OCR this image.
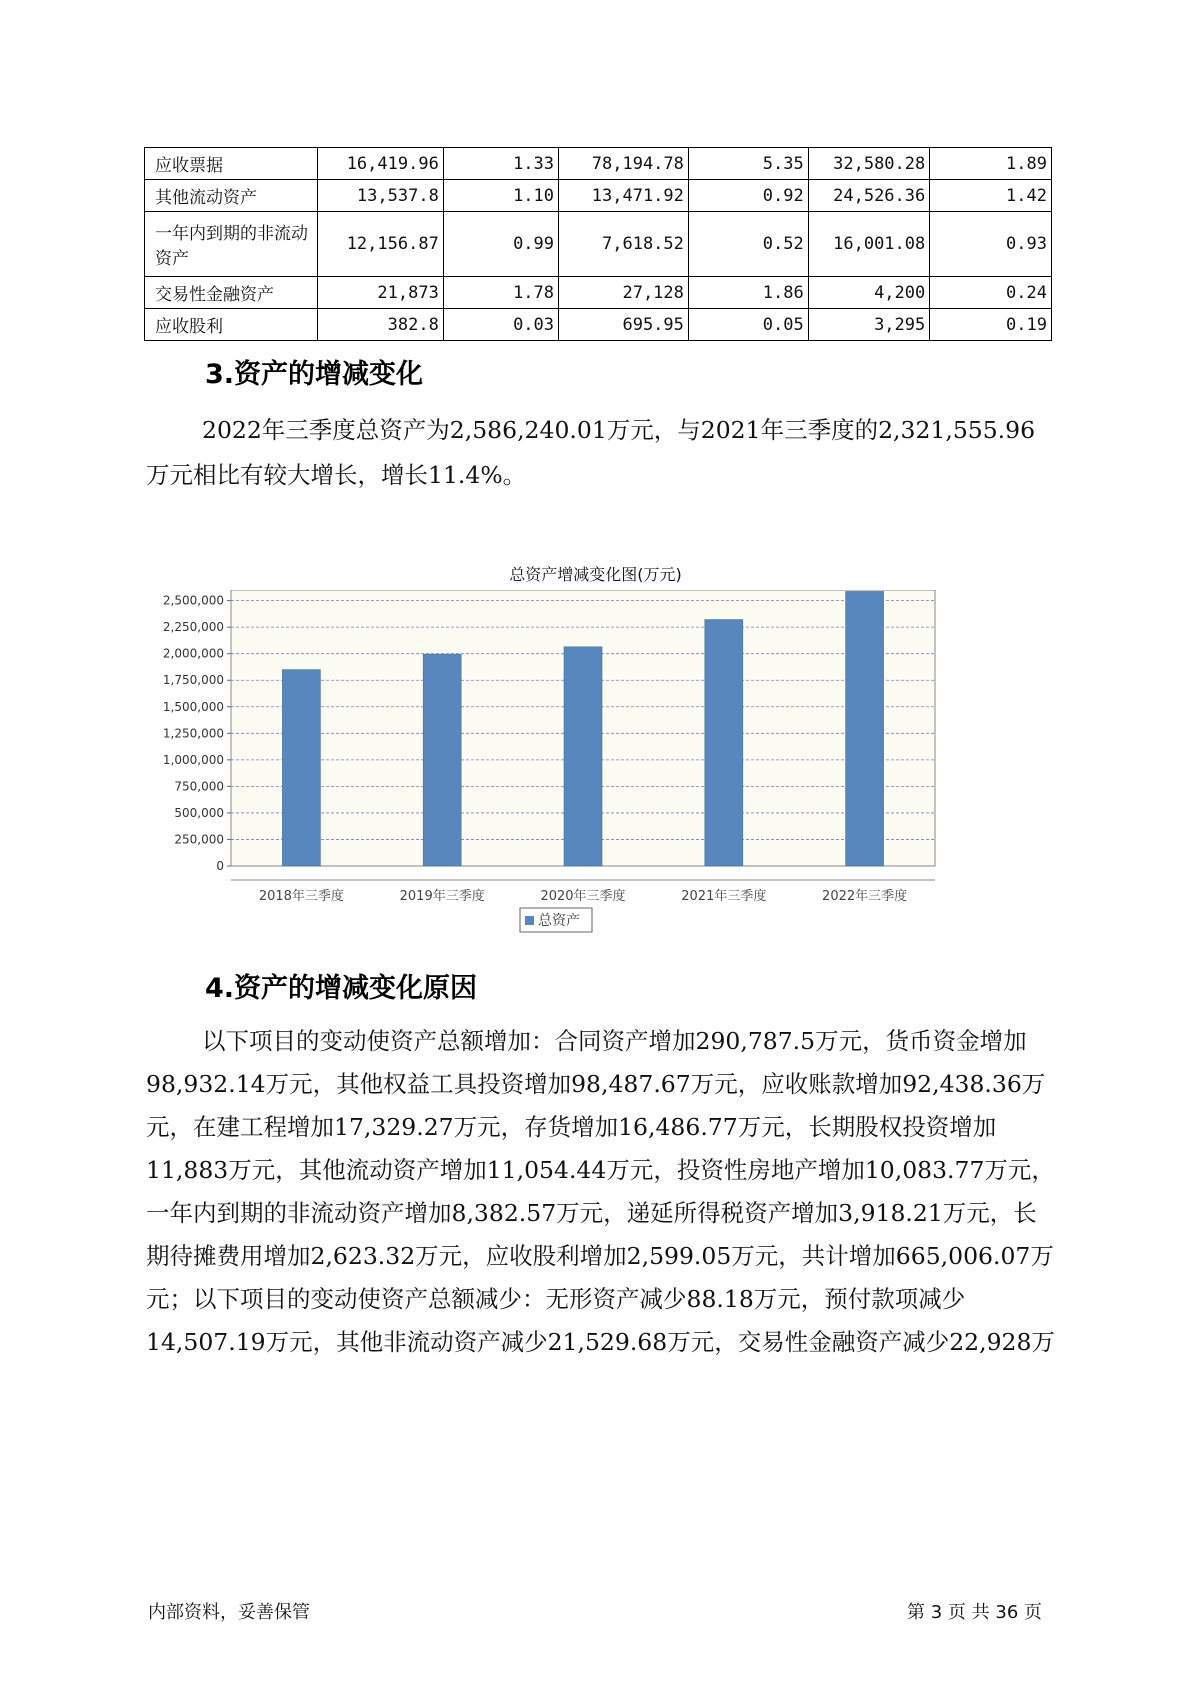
应收票据	16,419.96	1.33	78,194.78	5.35	32,580.28	1.89
其他流动资产	13,537.8	1.10	13,471.92	0.92	24,526.36	1.42
一年内到期的非流动资产	12,156.87	0.99	7,618.52	0.52	16,001.08	0.93
交易性金融资产	21,873	1.78	27,128	1.86	4,200	0.24
应收股利	382.8	0.03	695.95	0.05	3,295	0.19
3.资产的增减变化

2022年三季度总资产为2,586,240.01万元，与2021年三季度的2,321,555.96万元相比有较大增长，增长11.4%。

总资产增减变化图(万元)
0
250,000
500,000
750,000
1,000,000
1,250,000
1,500,000
1,750,000
2,000,000
2,250,000
2,500,000
2018年三季度	2019年三季度	2020年三季度	2021年三季度	2022年三季度
总资产
4.资产的增减变化原因

以下项目的变动使资产总额增加：合同资产增加290,787.5万元，货币资金增加98,932.14万元，其他权益工具投资增加98,487.67万元，应收账款增加92,438.36万元，在建工程增加17,329.27万元，存货增加16,486.77万元，长期股权投资增加11,883万元，其他流动资产增加11,054.44万元，投资性房地产增加10,083.77万元，一年内到期的非流动资产增加8,382.57万元，递延所得税资产增加3,918.21万元，长期待摊费用增加2,623.32万元，应收股利增加2,599.05万元，共计增加665,006.07万元；以下项目的变动使资产总额减少：无形资产减少88.18万元，预付款项减少14,507.19万元，其他非流动资产减少21,529.68万元，交易性金融资产减少22,928万

内部资料，妥善保管	第 3 页 共 36 页
